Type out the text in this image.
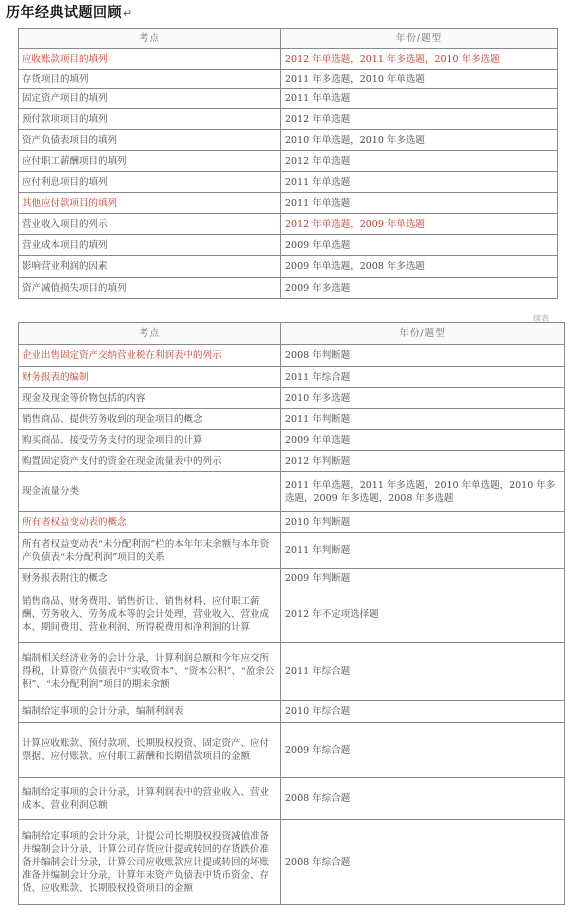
历年经典试题回顾↵
考点	年份/题型
应收账款项目的填列	2012 年单选题，2011 年多选题，2010 年多选题
存货项目的填列	2011 年多选题，2010 年单选题
固定资产项目的填列	2011 年单选题
预付款项项目的填列	2012 年单选题
资产负债表项目的填列	2010 年单选题，2010 年多选题
应付职工薪酬项目的填列	2012 年单选题
应付利息项目的填列	2011 年单选题
其他应付款项目的填列	2011 年单选题
营业收入项目的列示	2012 年单选题，2009 年单选题
营业成本项目的填列	2009 年单选题
影响营业利润的因素	2009 年单选题，2008 年多选题
资产减值损失项目的填列	2009 年多选题
续表
考点	年份/题型
企业出售固定资产交纳营业税在利润表中的列示	2008 年判断题
财务报表的编制	2011 年综合题
现金及现金等价物包括的内容	2010 年多选题
销售商品、提供劳务收到的现金项目的概念	2011 年判断题
购买商品、接受劳务支付的现金项目的计算	2009 年单选题
购置固定资产支付的资金在现金流量表中的列示	2012 年判断题
现金流量分类	2011 年单选题，2011 年多选题，2010 年单选题，2010 年多选题，2009 年多选题，2008 年多选题
所有者权益变动表的概念	2010 年判断题
所有者权益变动表“未分配利润”栏的本年年末余额与本年资产负债表“未分配利润”项目的关系	2011 年判断题
财务报表附注的概念	2009 年判断题
销售商品、财务费用、销售折让、销售材料、应付职工薪酬、劳务收入、劳务成本等的会计处理，营业收入、营业成本、期间费用、营业利润、所得税费用和净利润的计算	2012 年不定项选择题
编制相关经济业务的会计分录，计算利润总额和今年应交所得税，计算资产负债表中“实收资本”、“资本公积”、“盈余公积”、“未分配利润”项目的期末余额	2011 年综合题
编制给定事项的会计分录，编制利润表	2010 年综合题
计算应收账款、预付款项、长期股权投资、固定资产、应付票据、应付账款、应付职工薪酬和长期借款项目的金额	2009 年综合题
编制给定事项的会计分录，计算利润表中的营业收入、营业成本、营业利润总额	2008 年综合题
编制给定事项的会计分录，计提公司长期股权投资减值准备并编制会计分录，计算公司存货应计提或转回的存货跌价准备并编制会计分录，计算公司应收账款应计提或转回的坏账准备并编制会计分录，计算年末资产负债表中货币资金、存货、应收账款、长期股权投资项目的金额	2008 年综合题
